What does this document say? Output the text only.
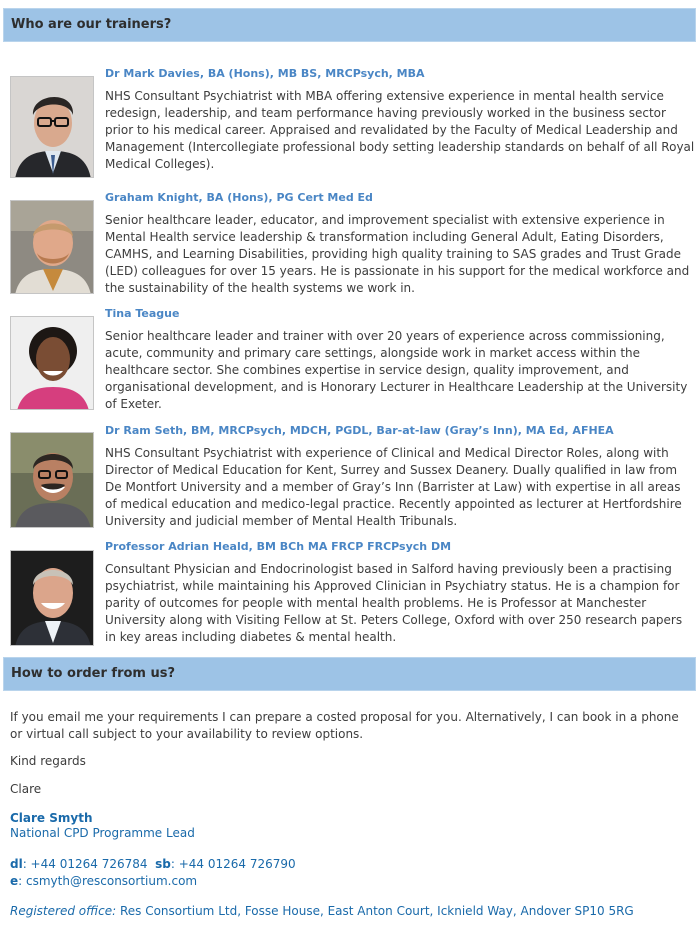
Who are our trainers?
Dr Mark Davies, BA (Hons), MB BS, MRCPsych, MBA

NHS Consultant Psychiatrist with MBA offering extensive experience in mental health service redesign, leadership, and team performance having previously worked in the business sector prior to his medical career. Appraised and revalidated by the Faculty of Medical Leadership and Management (Intercollegiate professional body setting leadership standards on behalf of all Royal Medical Colleges).

Graham Knight, BA (Hons), PG Cert Med Ed

Senior healthcare leader, educator, and improvement specialist with extensive experience in Mental Health service leadership & transformation including General Adult, Eating Disorders, CAMHS, and Learning Disabilities, providing high quality training to SAS grades and Trust Grade (LED) colleagues for over 15 years. He is passionate in his support for the medical workforce and the sustainability of the health systems we work in.

Tina Teague

Senior healthcare leader and trainer with over 20 years of experience across commissioning, acute, community and primary care settings, alongside work in market access within the healthcare sector. She combines expertise in service design, quality improvement, and organisational development, and is Honorary Lecturer in Healthcare Leadership at the University of Exeter.

Dr Ram Seth, BM, MRCPsych, MDCH, PGDL, Bar-at-law (Gray’s Inn), MA Ed, AFHEA

NHS Consultant Psychiatrist with experience of Clinical and Medical Director Roles, along with Director of Medical Education for Kent, Surrey and Sussex Deanery. Dually qualified in law from De Montfort University and a member of Gray’s Inn (Barrister at Law) with expertise in all areas of medical education and medico-legal practice. Recently appointed as lecturer at Hertfordshire University and judicial member of Mental Health Tribunals.

Professor Adrian Heald, BM BCh MA FRCP FRCPsych DM

Consultant Physician and Endocrinologist based in Salford having previously been a practising psychiatrist, while maintaining his Approved Clinician in Psychiatry status. He is a champion for parity of outcomes for people with mental health problems. He is Professor at Manchester University along with Visiting Fellow at St. Peters College, Oxford with over 250 research papers in key areas including diabetes & mental health.

How to order from us?

If you email me your requirements I can prepare a costed proposal for you. Alternatively, I can book in a phone or virtual call subject to your availability to review options.

Kind regards

Clare

Clare Smyth
National CPD Programme Lead
dl: +44 01264 726784 sb: +44 01264 726790
e: csmyth@resconsortium.com
Registered office: Res Consortium Ltd, Fosse House, East Anton Court, Icknield Way, Andover SP10 5RG
